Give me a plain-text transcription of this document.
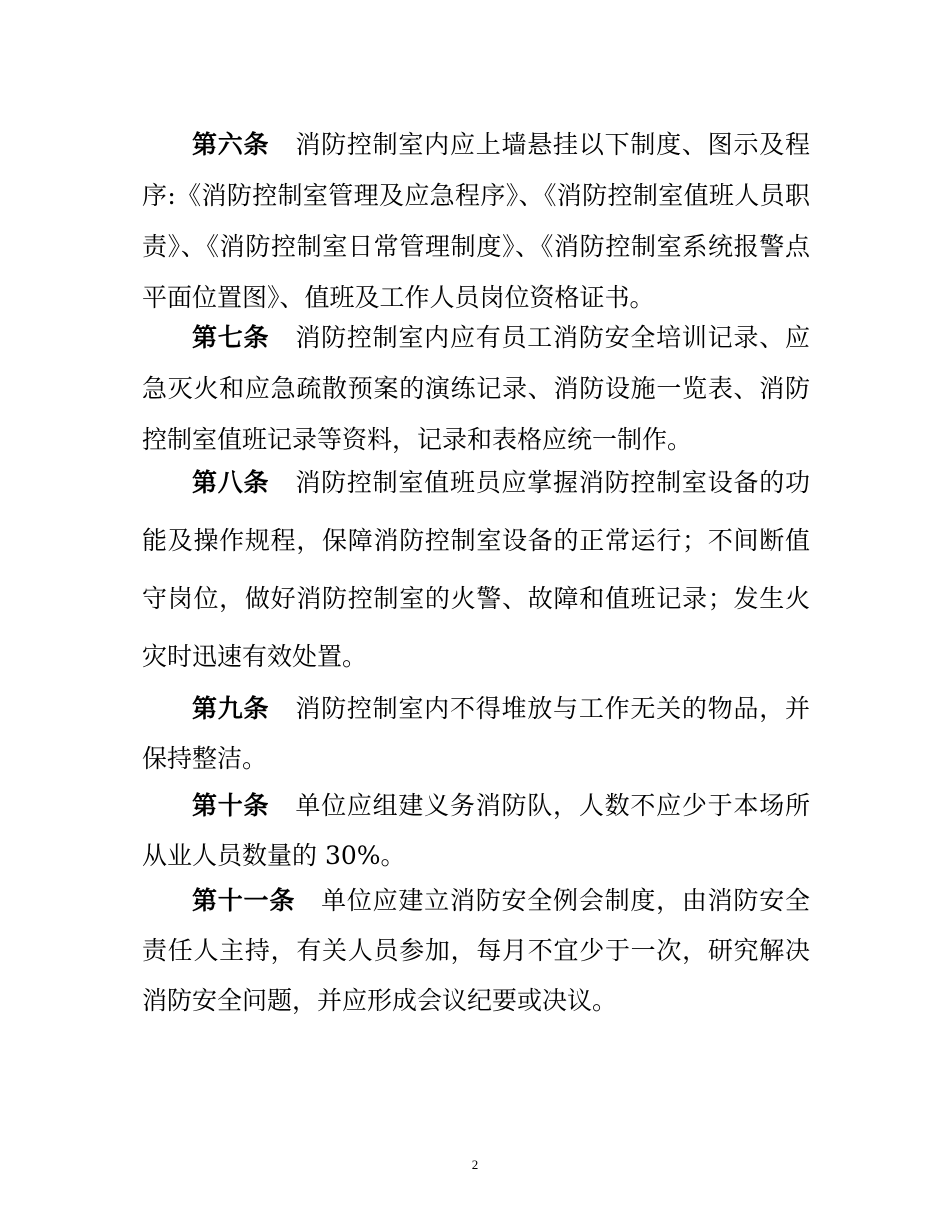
第六条 消防控制室内应上墙悬挂以下制度、图示及程序:《消防控制室管理及应急程序》、《消防控制室值班人员职责》、《消防控制室日常管理制度》、《消防控制室系统报警点平面位置图》、值班及工作人员岗位资格证书。

第七条 消防控制室内应有员工消防安全培训记录、应急灭火和应急疏散预案的演练记录、消防设施一览表、消防控制室值班记录等资料，记录和表格应统一制作。

第八条 消防控制室值班员应掌握消防控制室设备的功能及操作规程，保障消防控制室设备的正常运行；不间断值守岗位，做好消防控制室的火警、故障和值班记录；发生火灾时迅速有效处置。

第九条 消防控制室内不得堆放与工作无关的物品，并保持整洁。

第十条 单位应组建义务消防队，人数不应少于本场所从业人员数量的 30%。

第十一条 单位应建立消防安全例会制度，由消防安全责任人主持，有关人员参加，每月不宜少于一次，研究解决消防安全问题，并应形成会议纪要或决议。

2
